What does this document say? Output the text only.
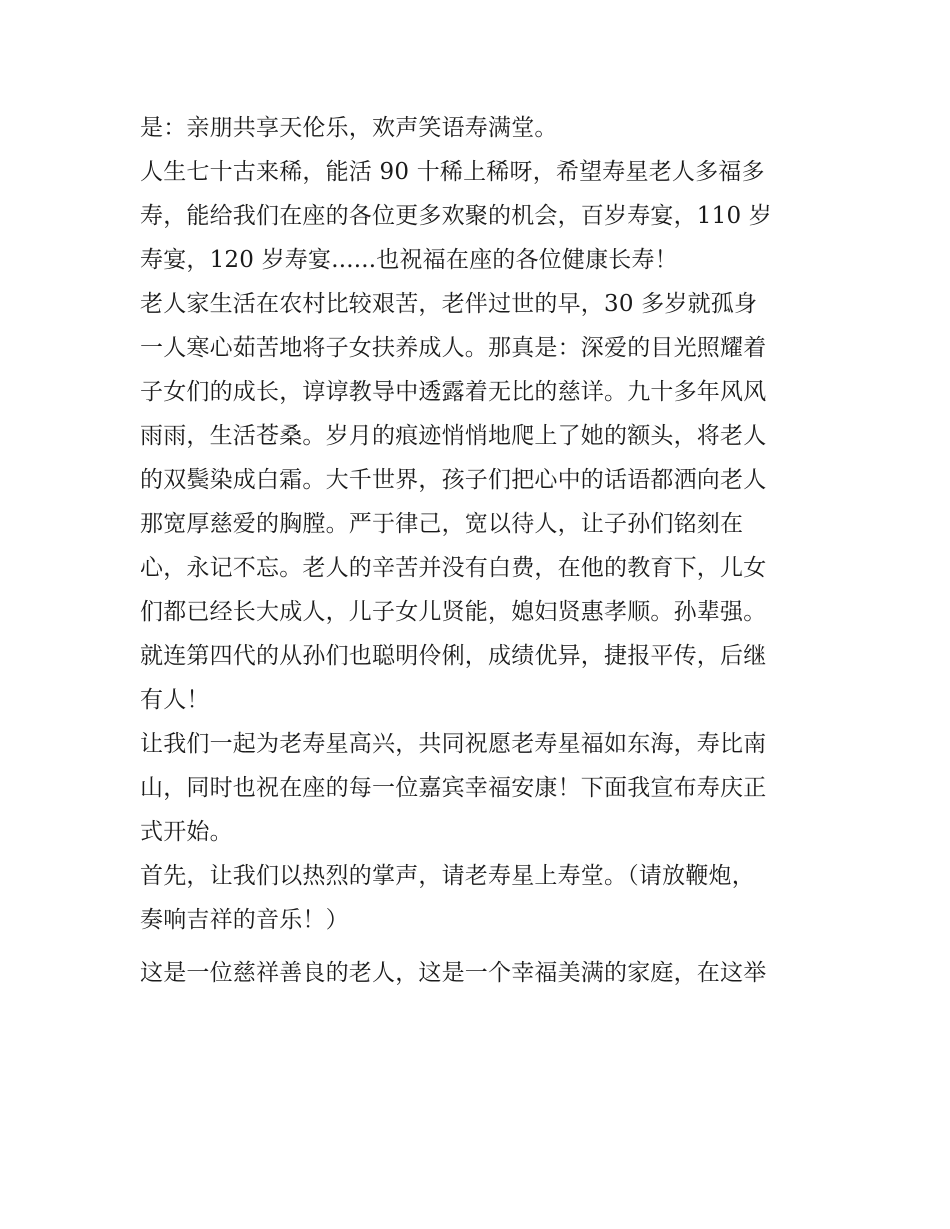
是：亲朋共享天伦乐，欢声笑语寿满堂。
人生七十古来稀，能活 90 十稀上稀呀，希望寿星老人多福多
寿，能给我们在座的各位更多欢聚的机会，百岁寿宴，110 岁
寿宴，120 岁寿宴......也祝福在座的各位健康长寿！
老人家生活在农村比较艰苦，老伴过世的早，30 多岁就孤身
一人寒心茹苦地将子女扶养成人。那真是：深爱的目光照耀着
子女们的成长，谆谆教导中透露着无比的慈详。九十多年风风
雨雨，生活苍桑。岁月的痕迹悄悄地爬上了她的额头，将老人
的双鬓染成白霜。大千世界，孩子们把心中的话语都洒向老人
那宽厚慈爱的胸膛。严于律己，宽以待人，让子孙们铭刻在
心，永记不忘。老人的辛苦并没有白费，在他的教育下，儿女
们都已经长大成人，儿子女儿贤能，媳妇贤惠孝顺。孙辈强。
就连第四代的从孙们也聪明伶俐，成绩优异，捷报平传，后继
有人！
让我们一起为老寿星高兴，共同祝愿老寿星福如东海，寿比南
山，同时也祝在座的每一位嘉宾幸福安康！下面我宣布寿庆正
式开始。
首先，让我们以热烈的掌声，请老寿星上寿堂。（请放鞭炮，
奏响吉祥的音乐！）
这是一位慈祥善良的老人，这是一个幸福美满的家庭，在这举
